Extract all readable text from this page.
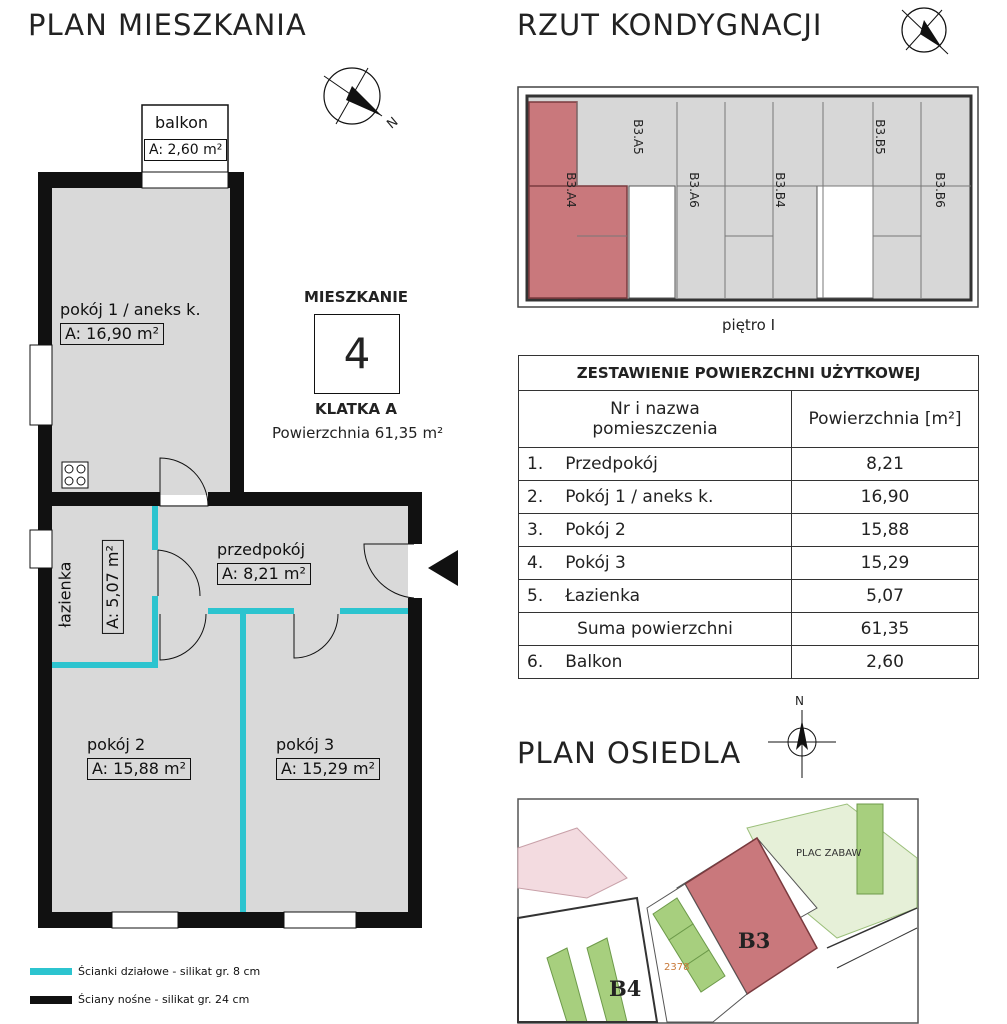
PLAN MIESZKANIA	RZUT KONDYGNACJI
PLAN OSIEDLA
N
balkon
A: 2,60 m²
pokój 1 / aneks k.
A: 16,90 m²
przedpokój
A: 8,21 m²
łazienka A: 5,07 m²
pokój 2
A: 15,88 m²
pokój 3
A: 15,29 m²
MIESZKANIE
4
KLATKA A
Powierzchnia 61,35 m²
B3.A5
B3.A4	B3.A6	B3.B4
B3.B5
B3.B6
piętro I
ZESTAWIENIE POWIERZCHNI UŻYTKOWEJ	
Nr i nazwa pomieszczenia	Powierzchnia [m²]
1. Przedpokój	8,21
2. Pokój 1 / aneks k.	16,90
3. Pokój 2	15,88
4. Pokój 3	15,29
5. Łazienka	5,07
Suma powierzchni	61,35
6. Balkon	2,60
N
PLAC ZABAW
B3
B4
2378
Ścianki działowe - silikat gr. 8 cm
Ściany nośne - silikat gr. 24 cm
